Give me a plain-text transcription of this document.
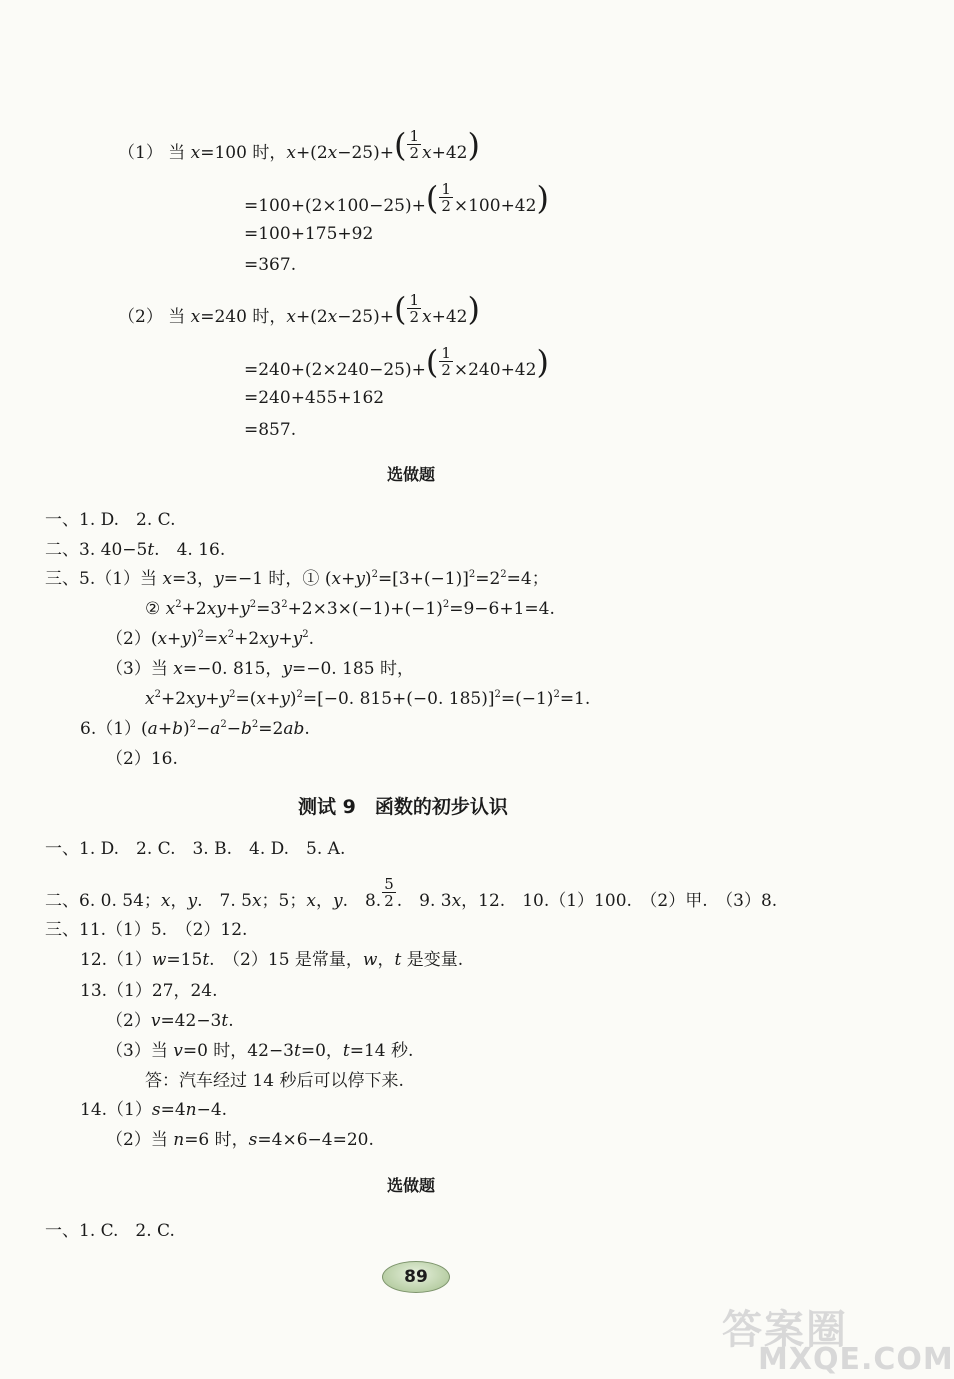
（1） 当 x=100 时，$x+(2x-25)+( \frac{1}{2} x+42)$
$=100+(2\times 100-25)+( \frac{1}{2} \times 100+42)$
=100+175+92
=367.
（2） 当 x=240 时，$x+(2x-25)+( \frac{1}{2} x+42)$
$=240+(2\times 240-25)+( \frac{1}{2} \times 240+42)$
=240+455+162
=857.
选做题
一、1. D.　2. C.
二、3. 40−5t.　4. 16.
三、5.（1）当 x=3，y=−1 时，① $(x+y)^2=[3+(-1)]^2=2^2=4$；
② $x^2+2xy+y^2=3^2+2\times 3\times(-1)+(-1)^2=9-6+1=4$.
$(2)(x+y)^2=x^2+2xy+y^2$.
（3）当 x=−0. 815，y=−0. 185 时，
$x^2+2xy+y^2=(x+y)^2=[-0$. 815+(−0. $185)]^2=(-1)^2=1$.
$6.(1)(a+b)^2-a^2-b^2=2ab$.
（2）16.
测试 9　函数的初步认识
一、1. D.　2. C.　3. B.　4. D.　5. A.
二、6. 0. 54；x，y.　7. 5x；5；x，y.　8. $\frac{5}{2}$ .　9. 3x，12.　10.（1）100.　（2）甲.　（3）8.
三、11.（1）5.　（2）12.
12.（1）w=15t.　（2）15 是常量，w，t 是变量.
13.（1）27，24.
（2）v=42−3t.
（3）当 v=0 时，42−3t=0，t=14 秒.
答：汽车经过 14 秒后可以停下来.
14.（1）s=4n−4.
（2）当 n=6 时，s=4×6−4=20.
选做题
一、1. C.　2. C.
89
答案圈
MXQE.COM
